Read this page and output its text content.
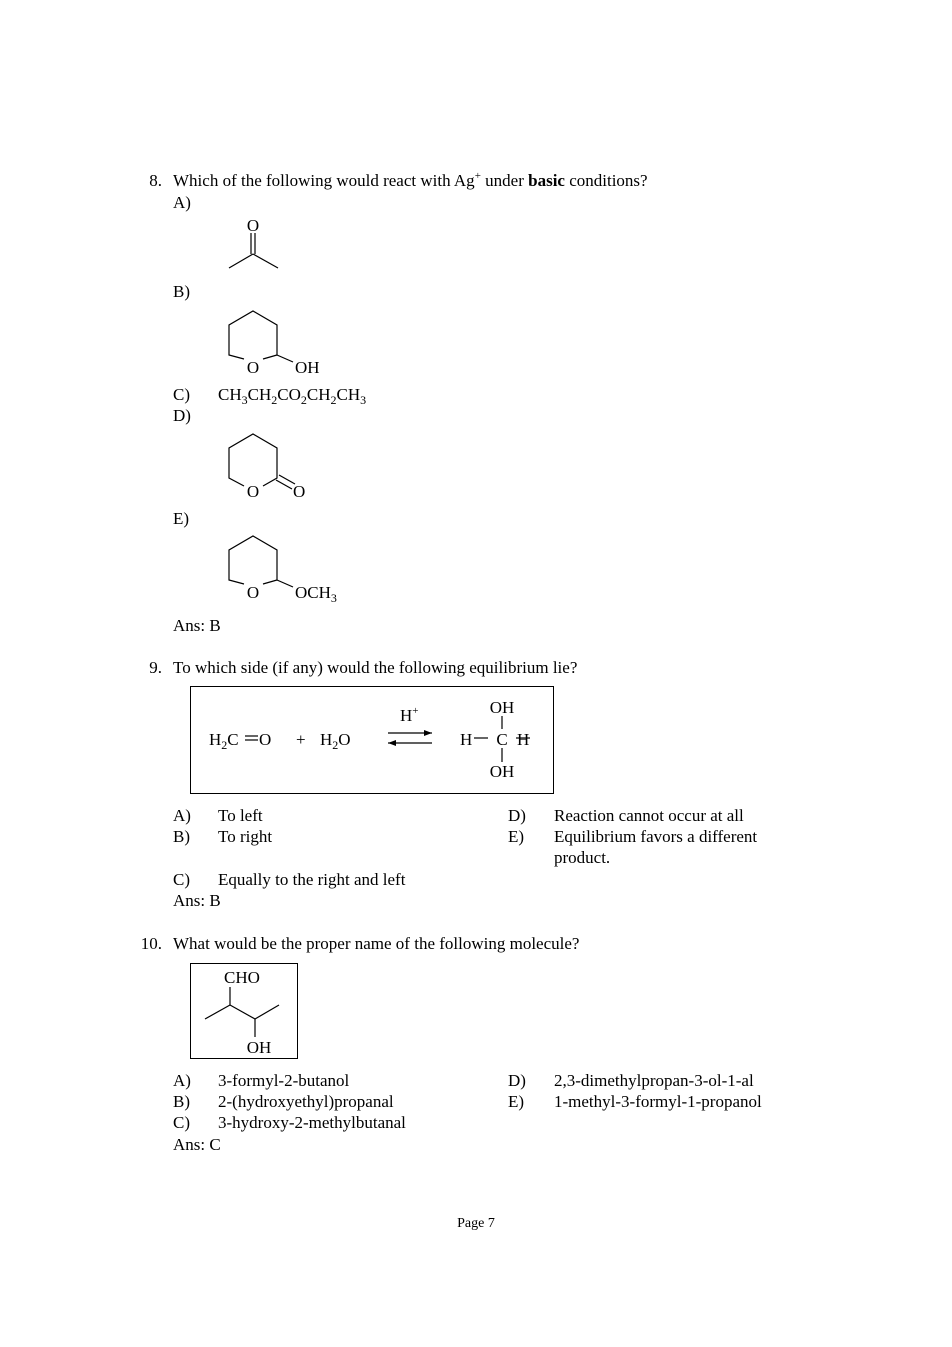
8. Which of the following would react with Ag+ under basic conditions?
A)
O
B)
O OH
C) $CH_3CH_2CO_2CH_2CH_3$
D)
O O
E)
O $OCH_3$
Ans: B
9. To which side (if any) would the following equilibrium lie?
$H_2C$ $O + H_2O$
H+	OH
H C H
OH
A) To left
B) To right
D) Reaction cannot occur at all
E) Equilibrium favors a different
product.
C) Equally to the right and left
Ans: B
10. What would be the proper name of the following molecule?
CHO
OH
A) 3-formyl-2-butanol
B) 2-(hydroxyethyl)propanal
C) 3-hydroxy-2-methylbutanal
D) 2,3-dimethylpropan-3-ol-1-al
E) 1-methyl-3-formyl-1-propanol
Ans: C
Page 7
